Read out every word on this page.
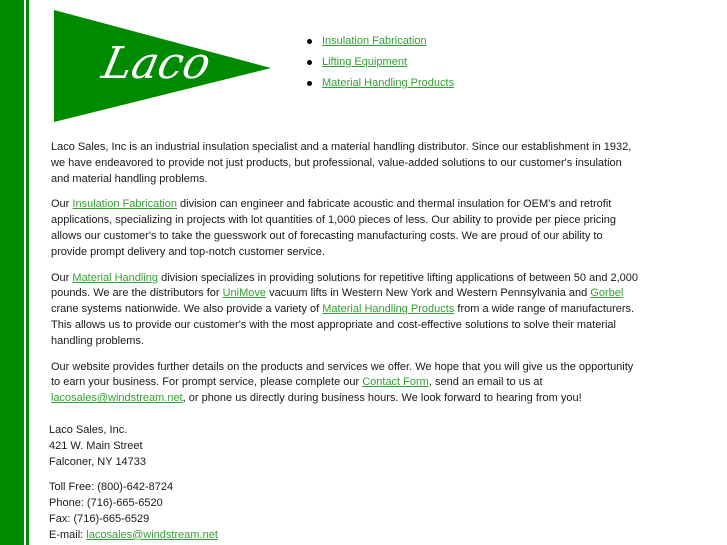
Laco	Insulation Fabrication
Lifting Equipment
Material Handling Products

Laco Sales, Inc is an industrial insulation specialist and a material handling distributor. Since our establishment in 1932, we have endeavored to provide not just products, but professional, value-added solutions to our customer's insulation and material handling problems.

Our Insulation Fabrication division can engineer and fabricate acoustic and thermal insulation for OEM's and retrofit applications, specializing in projects with lot quantities of 1,000 pieces of less. Our ability to provide per piece pricing allows our customer's to take the guesswork out of forecasting manufacturing costs. We are proud of our ability to provide prompt delivery and top-notch customer service.

Our Material Handling division specializes in providing solutions for repetitive lifting applications of between 50 and 2,000 pounds. We are the distributors for UniMove vacuum lifts in Western New York and Western Pennsylvania and Gorbel crane systems nationwide. We also provide a variety of Material Handling Products from a wide range of manufacturers. This allows us to provide our customer's with the most appropriate and cost-effective solutions to solve their material handling problems.

Our website provides further details on the products and services we offer. We hope that you will give us the opportunity to earn your business. For prompt service, please complete our Contact Form, send an email to us at lacosales@windstream.net, or phone us directly during business hours. We look forward to hearing from you!

Laco Sales, Inc.
421 W. Main Street
Falconer, NY 14733
Toll Free: (800)-642-8724
Phone: (716)-665-6520
Fax: (716)-665-6529
E-mail: lacosales@windstream.net
